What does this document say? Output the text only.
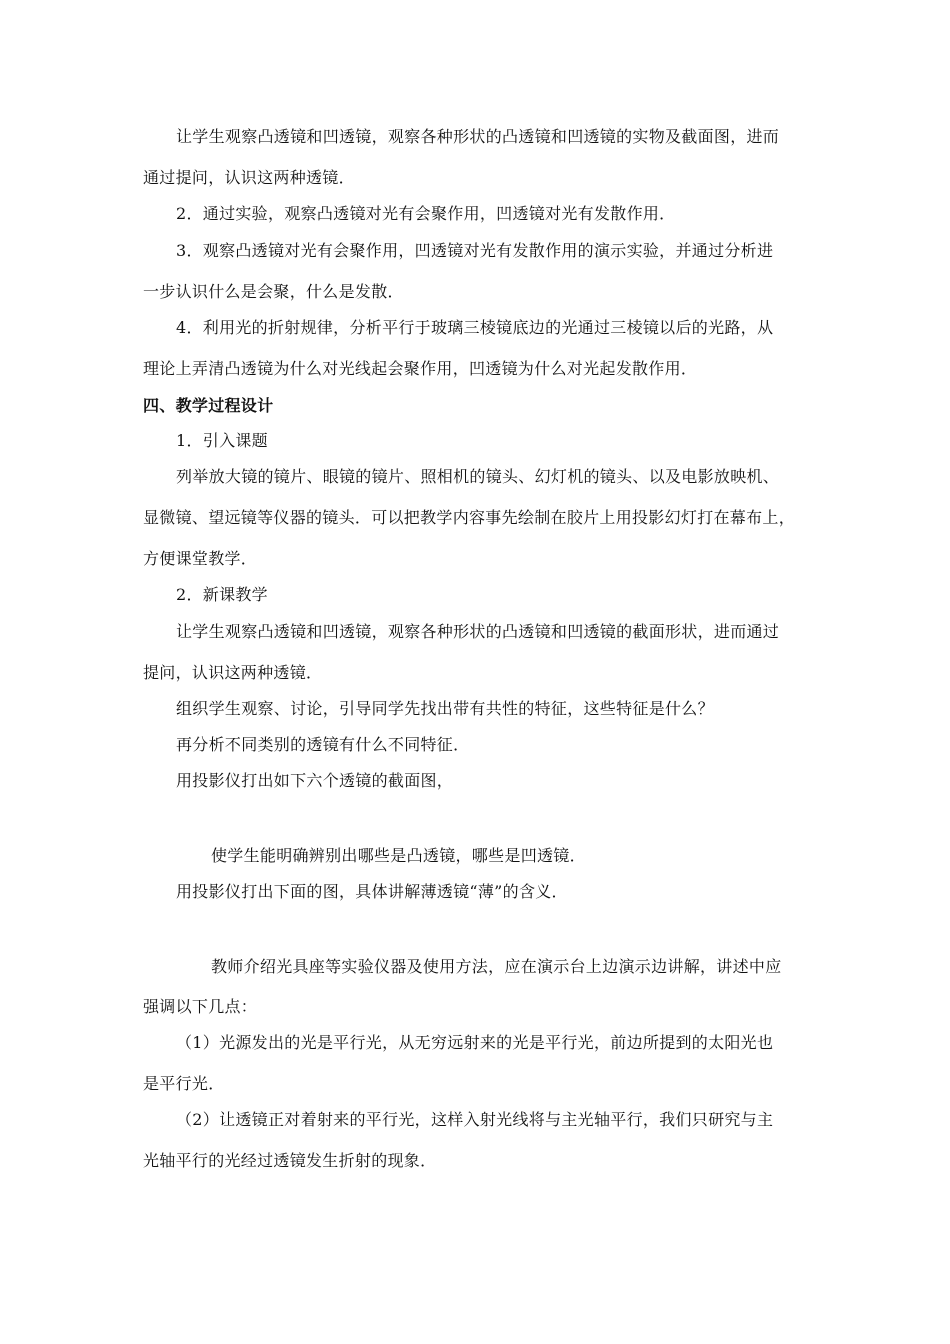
让学生观察凸透镜和凹透镜，观察各种形状的凸透镜和凹透镜的实物及截面图，进而
通过提问，认识这两种透镜．
2．通过实验，观察凸透镜对光有会聚作用，凹透镜对光有发散作用．
3．观察凸透镜对光有会聚作用，凹透镜对光有发散作用的演示实验，并通过分析进
一步认识什么是会聚，什么是发散．
4．利用光的折射规律，分析平行于玻璃三棱镜底边的光通过三棱镜以后的光路，从
理论上弄清凸透镜为什么对光线起会聚作用，凹透镜为什么对光起发散作用．
四、教学过程设计
1．引入课题
列举放大镜的镜片、眼镜的镜片、照相机的镜头、幻灯机的镜头、以及电影放映机、
显微镜、望远镜等仪器的镜头．可以把教学内容事先绘制在胶片上用投影幻灯打在幕布上，
方便课堂教学．
2．新课教学
让学生观察凸透镜和凹透镜，观察各种形状的凸透镜和凹透镜的截面形状，进而通过
提问，认识这两种透镜．
组织学生观察、讨论，引导同学先找出带有共性的特征，这些特征是什么？
再分析不同类别的透镜有什么不同特征．
用投影仪打出如下六个透镜的截面图，
使学生能明确辨别出哪些是凸透镜，哪些是凹透镜．
用投影仪打出下面的图，具体讲解薄透镜“薄”的含义．
教师介绍光具座等实验仪器及使用方法，应在演示台上边演示边讲解，讲述中应
强调以下几点：
（1）光源发出的光是平行光，从无穷远射来的光是平行光，前边所提到的太阳光也
是平行光．
（2）让透镜正对着射来的平行光，这样入射光线将与主光轴平行，我们只研究与主
光轴平行的光经过透镜发生折射的现象．
